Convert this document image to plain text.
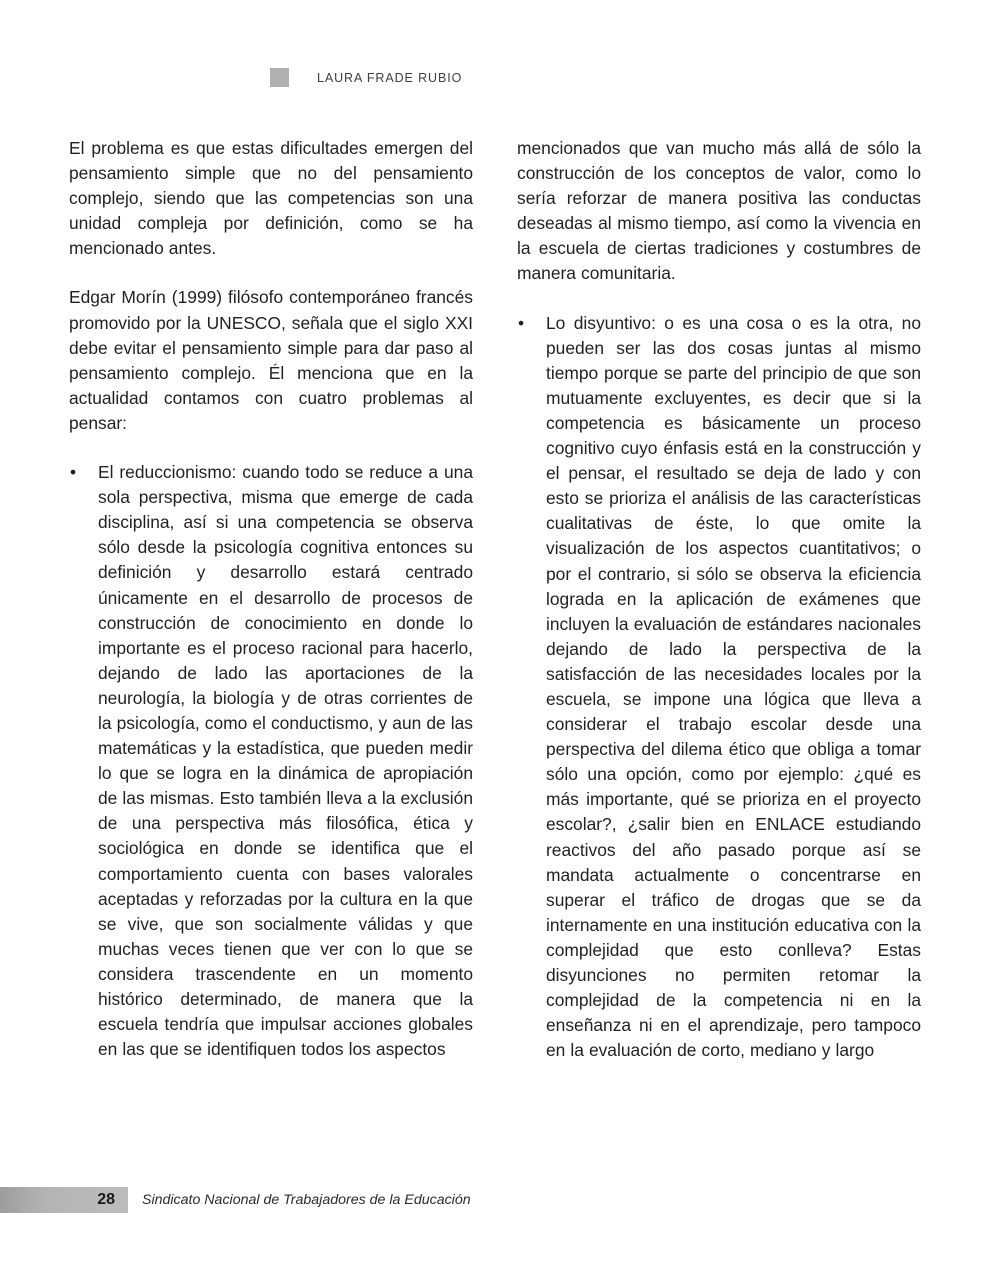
LAURA FRADE RUBIO

El problema es que estas dificultades emergen del pensamiento simple que no del pensamiento complejo, siendo que las competencias son una unidad compleja por definición, como se ha mencionado antes.

Edgar Morín (1999) filósofo contemporáneo francés promovido por la UNESCO, señala que el siglo XXI debe evitar el pensamiento simple para dar paso al pensamiento complejo. Él menciona que en la actualidad contamos con cuatro problemas al pensar:

• El reduccionismo: cuando todo se reduce a una sola perspectiva, misma que emerge de cada disciplina, así si una competencia se observa sólo desde la psicología cognitiva entonces su definición y desarrollo estará centrado únicamente en el desarrollo de procesos de construcción de conocimiento en donde lo importante es el proceso racional para hacerlo, dejando de lado las aportaciones de la neurología, la biología y de otras corrientes de la psicología, como el conductismo, y aun de las matemáticas y la estadística, que pueden medir lo que se logra en la dinámica de apropiación de las mismas. Esto también lleva a la exclusión de una perspectiva más filosófica, ética y sociológica en donde se identifica que el comportamiento cuenta con bases valorales aceptadas y reforzadas por la cultura en la que se vive, que son socialmente válidas y que muchas veces tienen que ver con lo que se considera trascendente en un momento histórico determinado, de manera que la escuela tendría que impulsar acciones globales en las que se identifiquen todos los aspectos

mencionados que van mucho más allá de sólo la construcción de los conceptos de valor, como lo sería reforzar de manera positiva las conductas deseadas al mismo tiempo, así como la vivencia en la escuela de ciertas tradiciones y costumbres de manera comunitaria.

• Lo disyuntivo: o es una cosa o es la otra, no pueden ser las dos cosas juntas al mismo tiempo porque se parte del principio de que son mutuamente excluyentes, es decir que si la competencia es básicamente un proceso cognitivo cuyo énfasis está en la construcción y el pensar, el resultado se deja de lado y con esto se prioriza el análisis de las características cualitativas de éste, lo que omite la visualización de los aspectos cuantitativos; o por el contrario, si sólo se observa la eficiencia lograda en la aplicación de exámenes que incluyen la evaluación de estándares nacionales dejando de lado la perspectiva de la satisfacción de las necesidades locales por la escuela, se impone una lógica que lleva a considerar el trabajo escolar desde una perspectiva del dilema ético que obliga a tomar sólo una opción, como por ejemplo: ¿qué es más importante, qué se prioriza en el proyecto escolar?, ¿salir bien en ENLACE estudiando reactivos del año pasado porque así se mandata actualmente o concentrarse en superar el tráfico de drogas que se da internamente en una institución educativa con la complejidad que esto conlleva? Estas disyunciones no permiten retomar la complejidad de la competencia ni en la enseñanza ni en el aprendizaje, pero tampoco en la evaluación de corto, mediano y largo
28 Sindicato Nacional de Trabajadores de la Educación
